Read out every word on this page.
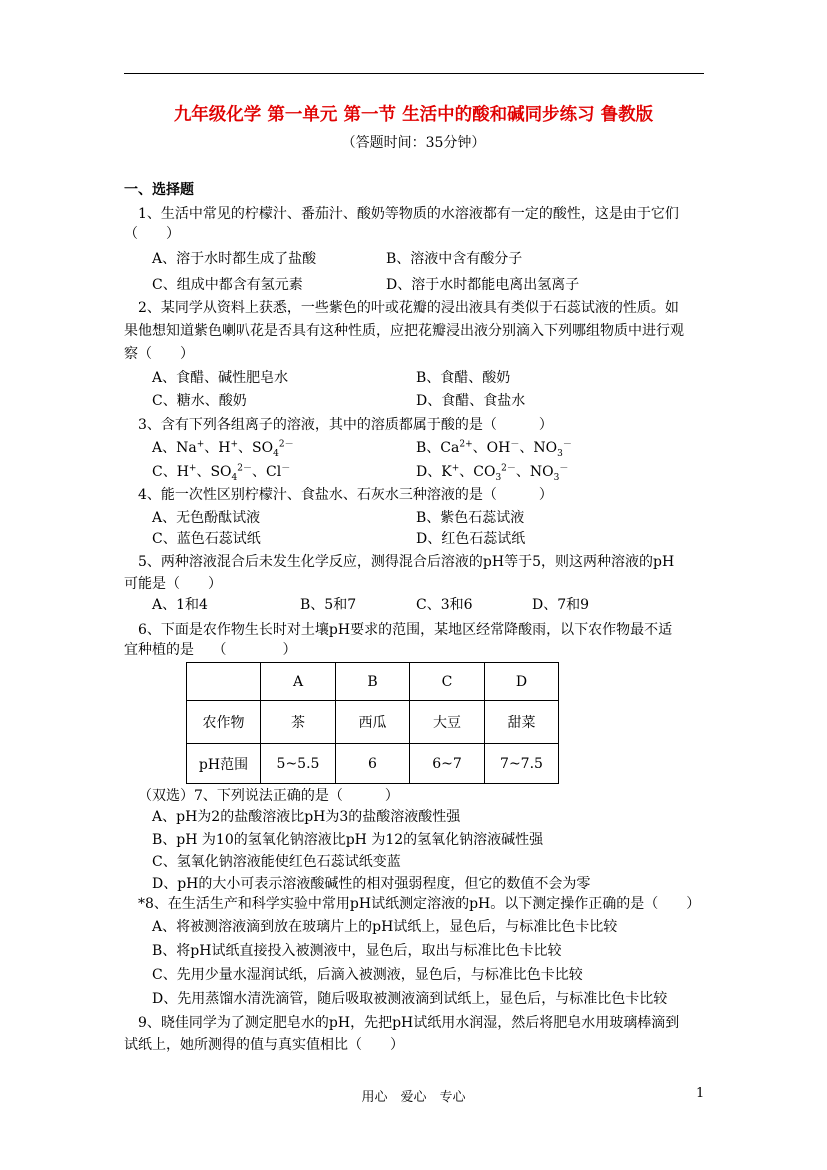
九年级化学 第一单元 第一节 生活中的酸和碱同步练习 鲁教版
（答题时间：35分钟）
一、选择题
1、生活中常见的柠檬汁、番茄汁、酸奶等物质的水溶液都有一定的酸性，这是由于它们
（　　）
A、溶于水时都生成了盐酸	B、溶液中含有酸分子
C、组成中都含有氢元素	D、溶于水时都能电离出氢离子
2、某同学从资料上获悉，一些紫色的叶或花瓣的浸出液具有类似于石蕊试液的性质。如
果他想知道紫色喇叭花是否具有这种性质，应把花瓣浸出液分别滴入下列哪组物质中进行观
察（　　）
A、食醋、碱性肥皂水	B、食醋、酸奶
C、糖水、酸奶	D、食醋、食盐水
3、含有下列各组离子的溶液，其中的溶质都属于酸的是（　　　）
A、Na+、H+、$SO_4^{2-}$	B、$Ca^{2+}$、OH－、$NO_3^-$
C、H+、$SO_4^{2-}$、Cl－	D、K+、$CO_3^{2-}$、$NO_3^-$
4、能一次性区别柠檬汁、食盐水、石灰水三种溶液的是（　　　）
A、无色酚酞试液	B、紫色石蕊试液
C、蓝色石蕊试纸	D、红色石蕊试纸
5、两种溶液混合后未发生化学反应，测得混合后溶液的pH等于5，则这两种溶液的pH
可能是（　　）
A、1和4	B、5和7	C、3和6	D、7和9
6、下面是农作物生长时对土壤pH要求的范围，某地区经常降酸雨，以下农作物最不适
宜种植的是　 （　　　　）
	A	B	C	D
农作物	茶	西瓜	大豆	甜菜
pH范围	5~5.5	6	6~7	7~7.5
（双选）7、下列说法正确的是（　　　）
A、pH为2的盐酸溶液比pH为3的盐酸溶液酸性强
B、pH 为10的氢氧化钠溶液比pH 为12的氢氧化钠溶液碱性强
C、氢氧化钠溶液能使红色石蕊试纸变蓝
D、pH的大小可表示溶液酸碱性的相对强弱程度，但它的数值不会为零
*8、在生活生产和科学实验中常用pH试纸测定溶液的pH。以下测定操作正确的是（　　）
A、将被测溶液滴到放在玻璃片上的pH试纸上，显色后，与标准比色卡比较
B、将pH试纸直接投入被测液中，显色后，取出与标准比色卡比较
C、先用少量水湿润试纸，后滴入被测液，显色后，与标准比色卡比较
D、先用蒸馏水清洗滴管，随后吸取被测液滴到试纸上，显色后，与标准比色卡比较
9、晓佳同学为了测定肥皂水的pH，先把pH试纸用水润湿，然后将肥皂水用玻璃棒滴到
试纸上，她所测得的值与真实值相比（　　）
用心　爱心　专心	1
